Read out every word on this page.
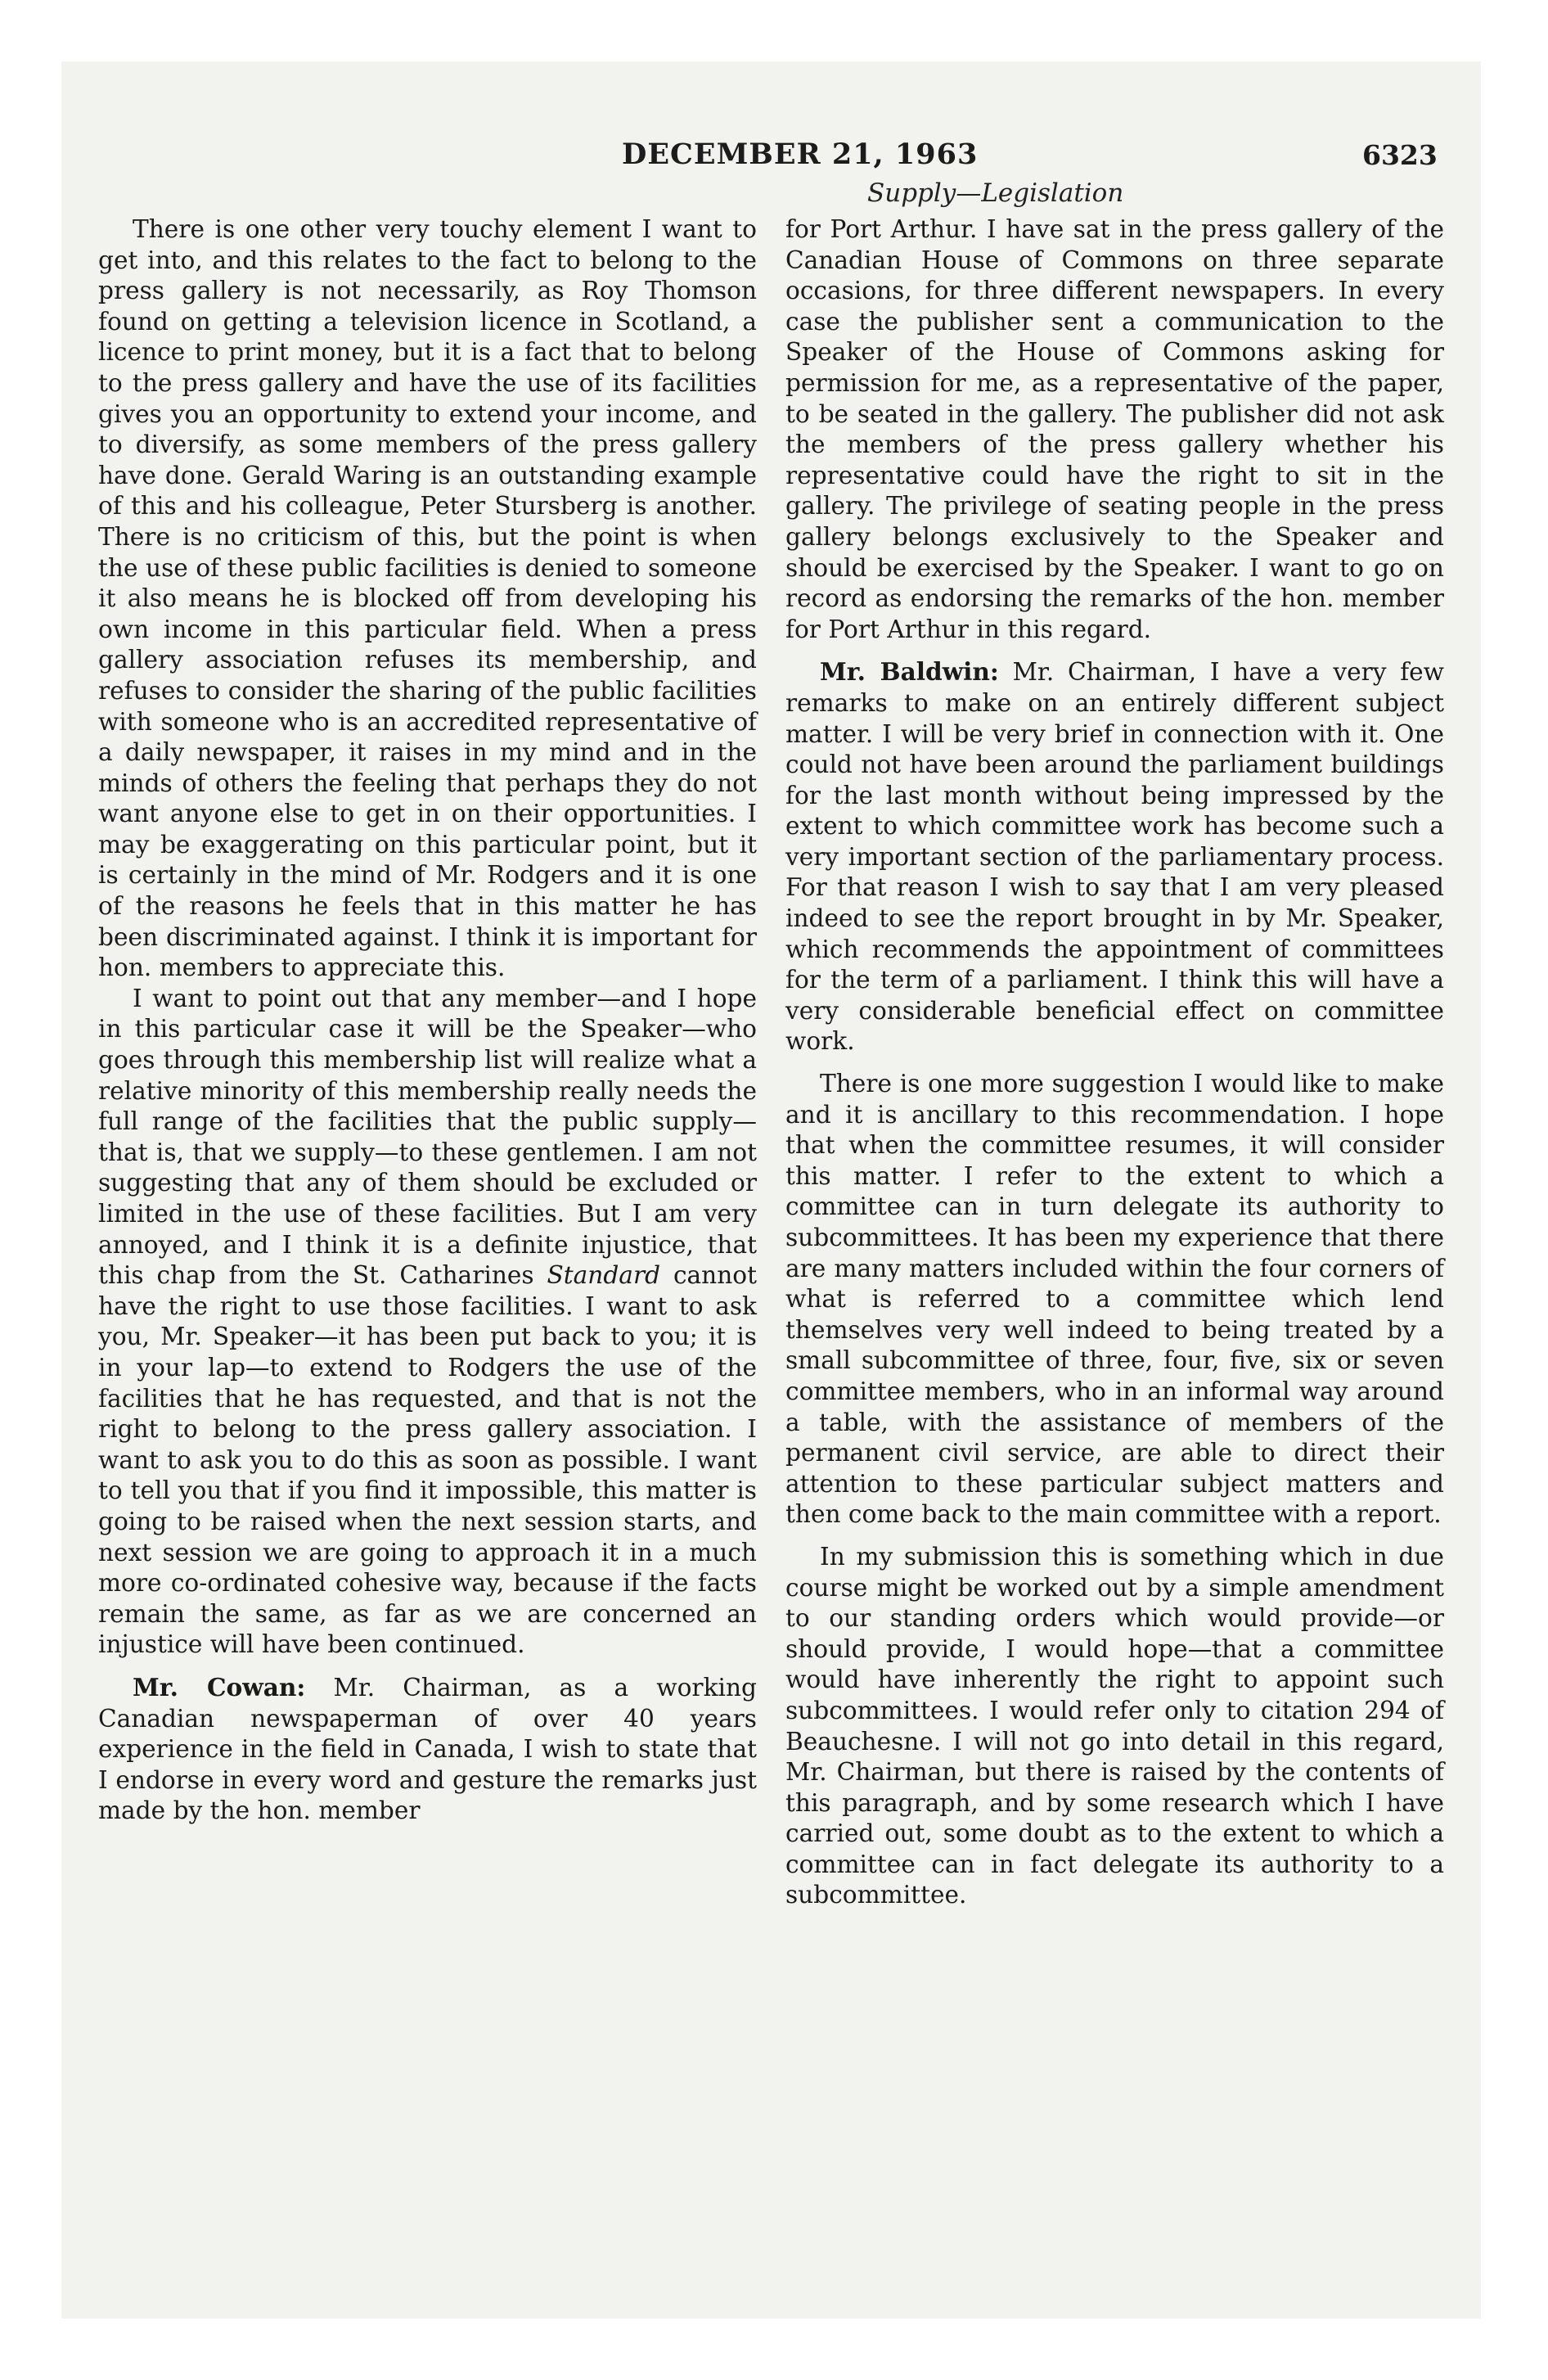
DECEMBER 21, 1963	6323
Supply—Legislation

There is one other very touchy element I want to get into, and this relates to the fact to belong to the press gallery is not necessarily, as Roy Thomson found on getting a television licence in Scotland, a licence to print money, but it is a fact that to belong to the press gallery and have the use of its facilities gives you an opportunity to extend your income, and to diversify, as some members of the press gallery have done. Gerald Waring is an outstanding example of this and his colleague, Peter Stursberg is another. There is no criticism of this, but the point is when the use of these public facilities is denied to someone it also means he is blocked off from developing his own income in this particular field. When a press gallery association refuses its membership, and refuses to consider the sharing of the public facilities with someone who is an accredited representative of a daily newspaper, it raises in my mind and in the minds of others the feeling that perhaps they do not want anyone else to get in on their opportunities. I may be exaggerating on this particular point, but it is certainly in the mind of Mr. Rodgers and it is one of the reasons he feels that in this matter he has been discriminated against. I think it is important for hon. members to appreciate this.

I want to point out that any member—and I hope in this particular case it will be the Speaker—who goes through this membership list will realize what a relative minority of this membership really needs the full range of the facilities that the public supply—that is, that we supply—to these gentlemen. I am not suggesting that any of them should be excluded or limited in the use of these facilities. But I am very annoyed, and I think it is a definite injustice, that this chap from the St. Catharines Standard cannot have the right to use those facilities. I want to ask you, Mr. Speaker—it has been put back to you; it is in your lap—to extend to Rodgers the use of the facilities that he has requested, and that is not the right to belong to the press gallery association. I want to ask you to do this as soon as possible. I want to tell you that if you find it impossible, this matter is going to be raised when the next session starts, and next session we are going to approach it in a much more co-ordinated cohesive way, because if the facts remain the same, as far as we are concerned an injustice will have been continued.

Mr. Cowan: Mr. Chairman, as a working Canadian newspaperman of over 40 years experience in the field in Canada, I wish to state that I endorse in every word and gesture the remarks just made by the hon. member

for Port Arthur. I have sat in the press gallery of the Canadian House of Commons on three separate occasions, for three different newspapers. In every case the publisher sent a communication to the Speaker of the House of Commons asking for permission for me, as a representative of the paper, to be seated in the gallery. The publisher did not ask the members of the press gallery whether his representative could have the right to sit in the gallery. The privilege of seating people in the press gallery belongs exclusively to the Speaker and should be exercised by the Speaker. I want to go on record as endorsing the remarks of the hon. member for Port Arthur in this regard.

Mr. Baldwin: Mr. Chairman, I have a very few remarks to make on an entirely different subject matter. I will be very brief in connection with it. One could not have been around the parliament buildings for the last month without being impressed by the extent to which committee work has become such a very important section of the parliamentary process. For that reason I wish to say that I am very pleased indeed to see the report brought in by Mr. Speaker, which recommends the appointment of committees for the term of a parliament. I think this will have a very considerable beneficial effect on committee work.

There is one more suggestion I would like to make and it is ancillary to this recommendation. I hope that when the committee resumes, it will consider this matter. I refer to the extent to which a committee can in turn delegate its authority to subcommittees. It has been my experience that there are many matters included within the four corners of what is referred to a committee which lend themselves very well indeed to being treated by a small subcommittee of three, four, five, six or seven committee members, who in an informal way around a table, with the assistance of members of the permanent civil service, are able to direct their attention to these particular subject matters and then come back to the main committee with a report.

In my submission this is something which in due course might be worked out by a simple amendment to our standing orders which would provide—or should provide, I would hope—that a committee would have inherently the right to appoint such subcommittees. I would refer only to citation 294 of Beauchesne. I will not go into detail in this regard, Mr. Chairman, but there is raised by the contents of this paragraph, and by some research which I have carried out, some doubt as to the extent to which a committee can in fact delegate its authority to a subcommittee.
